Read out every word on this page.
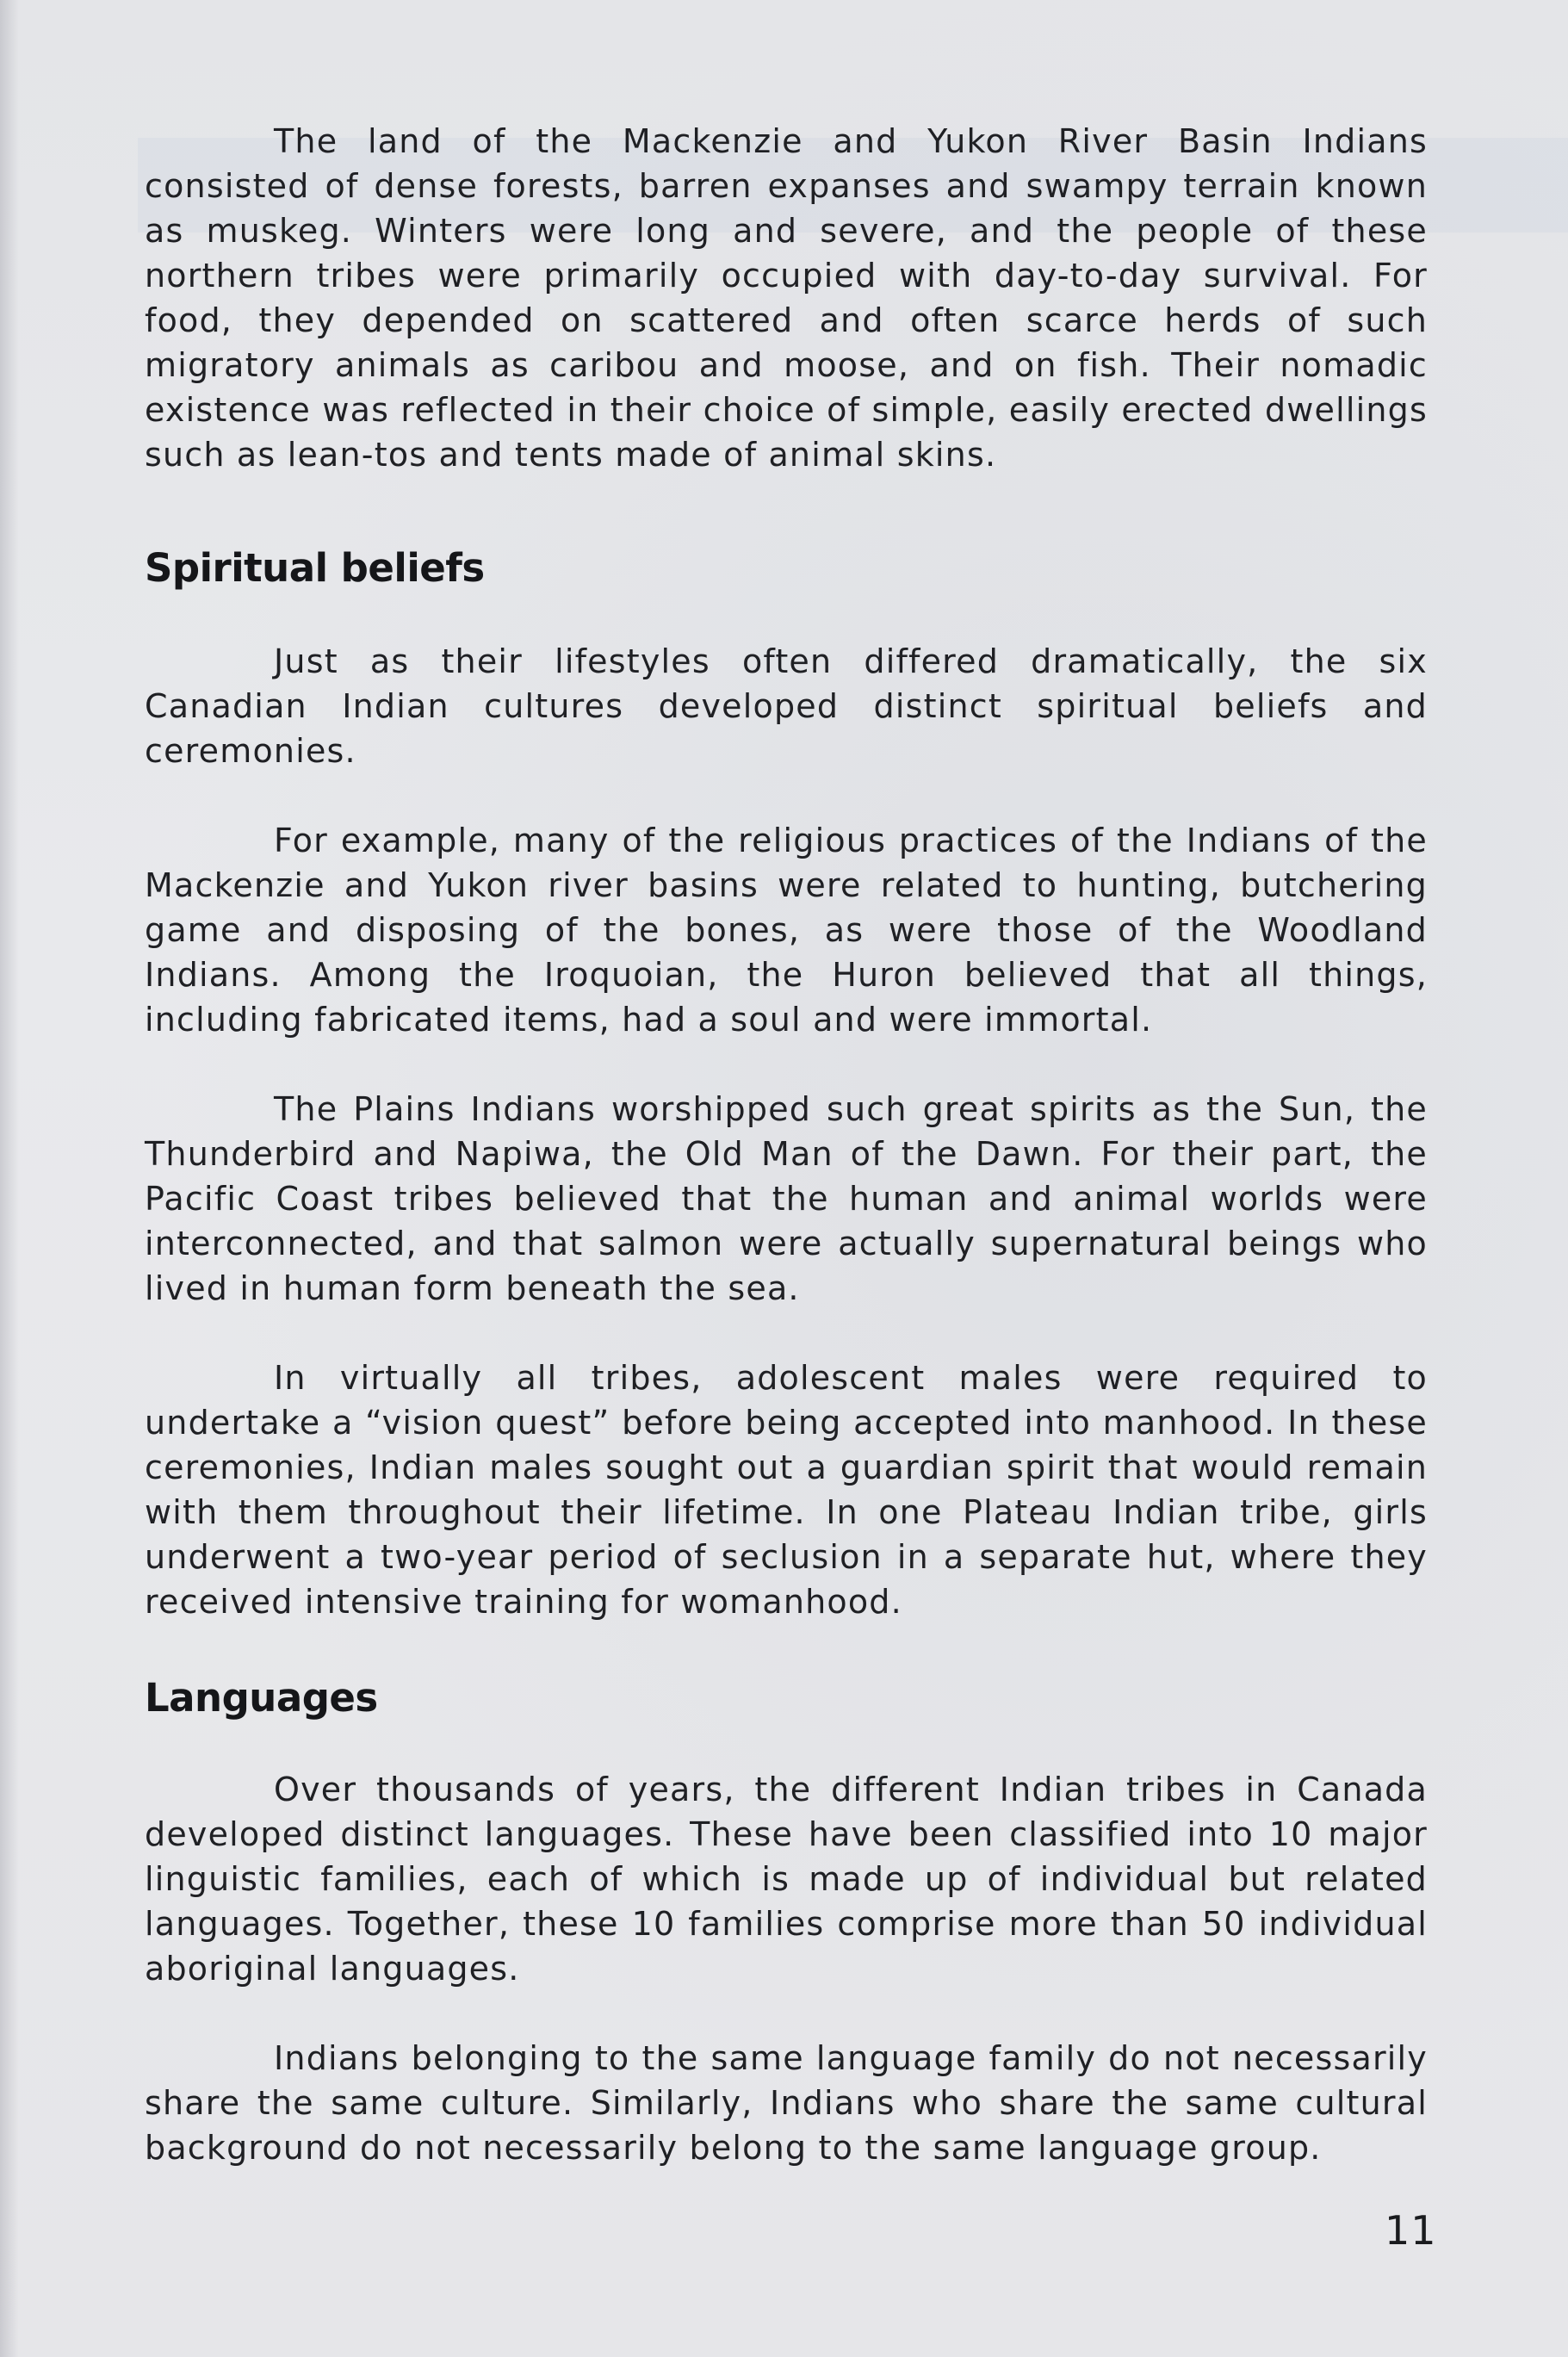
The land of the Mackenzie and Yukon River Basin Indians consisted of dense forests, barren expanses and swampy terrain known as muskeg. Winters were long and severe, and the people of these northern tribes were primarily occupied with day-to-day survival. For food, they depended on scattered and often scarce herds of such migratory animals as caribou and moose, and on fish. Their nomadic existence was reflected in their choice of simple, easily erected dwellings such as lean-tos and tents made of animal skins.

Spiritual beliefs

Just as their lifestyles often differed dramatically, the six Canadian Indian cultures developed distinct spiritual beliefs and ceremonies.

For example, many of the religious practices of the Indians of the Mackenzie and Yukon river basins were related to hunting, butchering game and disposing of the bones, as were those of the Woodland Indians. Among the Iroquoian, the Huron believed that all things, including fabricated items, had a soul and were immortal.

The Plains Indians worshipped such great spirits as the Sun, the Thunderbird and Napiwa, the Old Man of the Dawn. For their part, the Pacific Coast tribes believed that the human and animal worlds were interconnected, and that salmon were actually supernatural beings who lived in human form beneath the sea.

In virtually all tribes, adolescent males were required to undertake a “vision quest” before being accepted into manhood. In these ceremonies, Indian males sought out a guardian spirit that would remain with them throughout their lifetime. In one Plateau Indian tribe, girls underwent a two-year period of seclusion in a separate hut, where they received intensive training for womanhood.

Languages

Over thousands of years, the different Indian tribes in Canada developed distinct languages. These have been classified into 10 major linguistic families, each of which is made up of individual but related languages. Together, these 10 families comprise more than 50 individual aboriginal languages.

Indians belonging to the same language family do not necessarily share the same culture. Similarly, Indians who share the same cultural background do not necessarily belong to the same language group.

11
